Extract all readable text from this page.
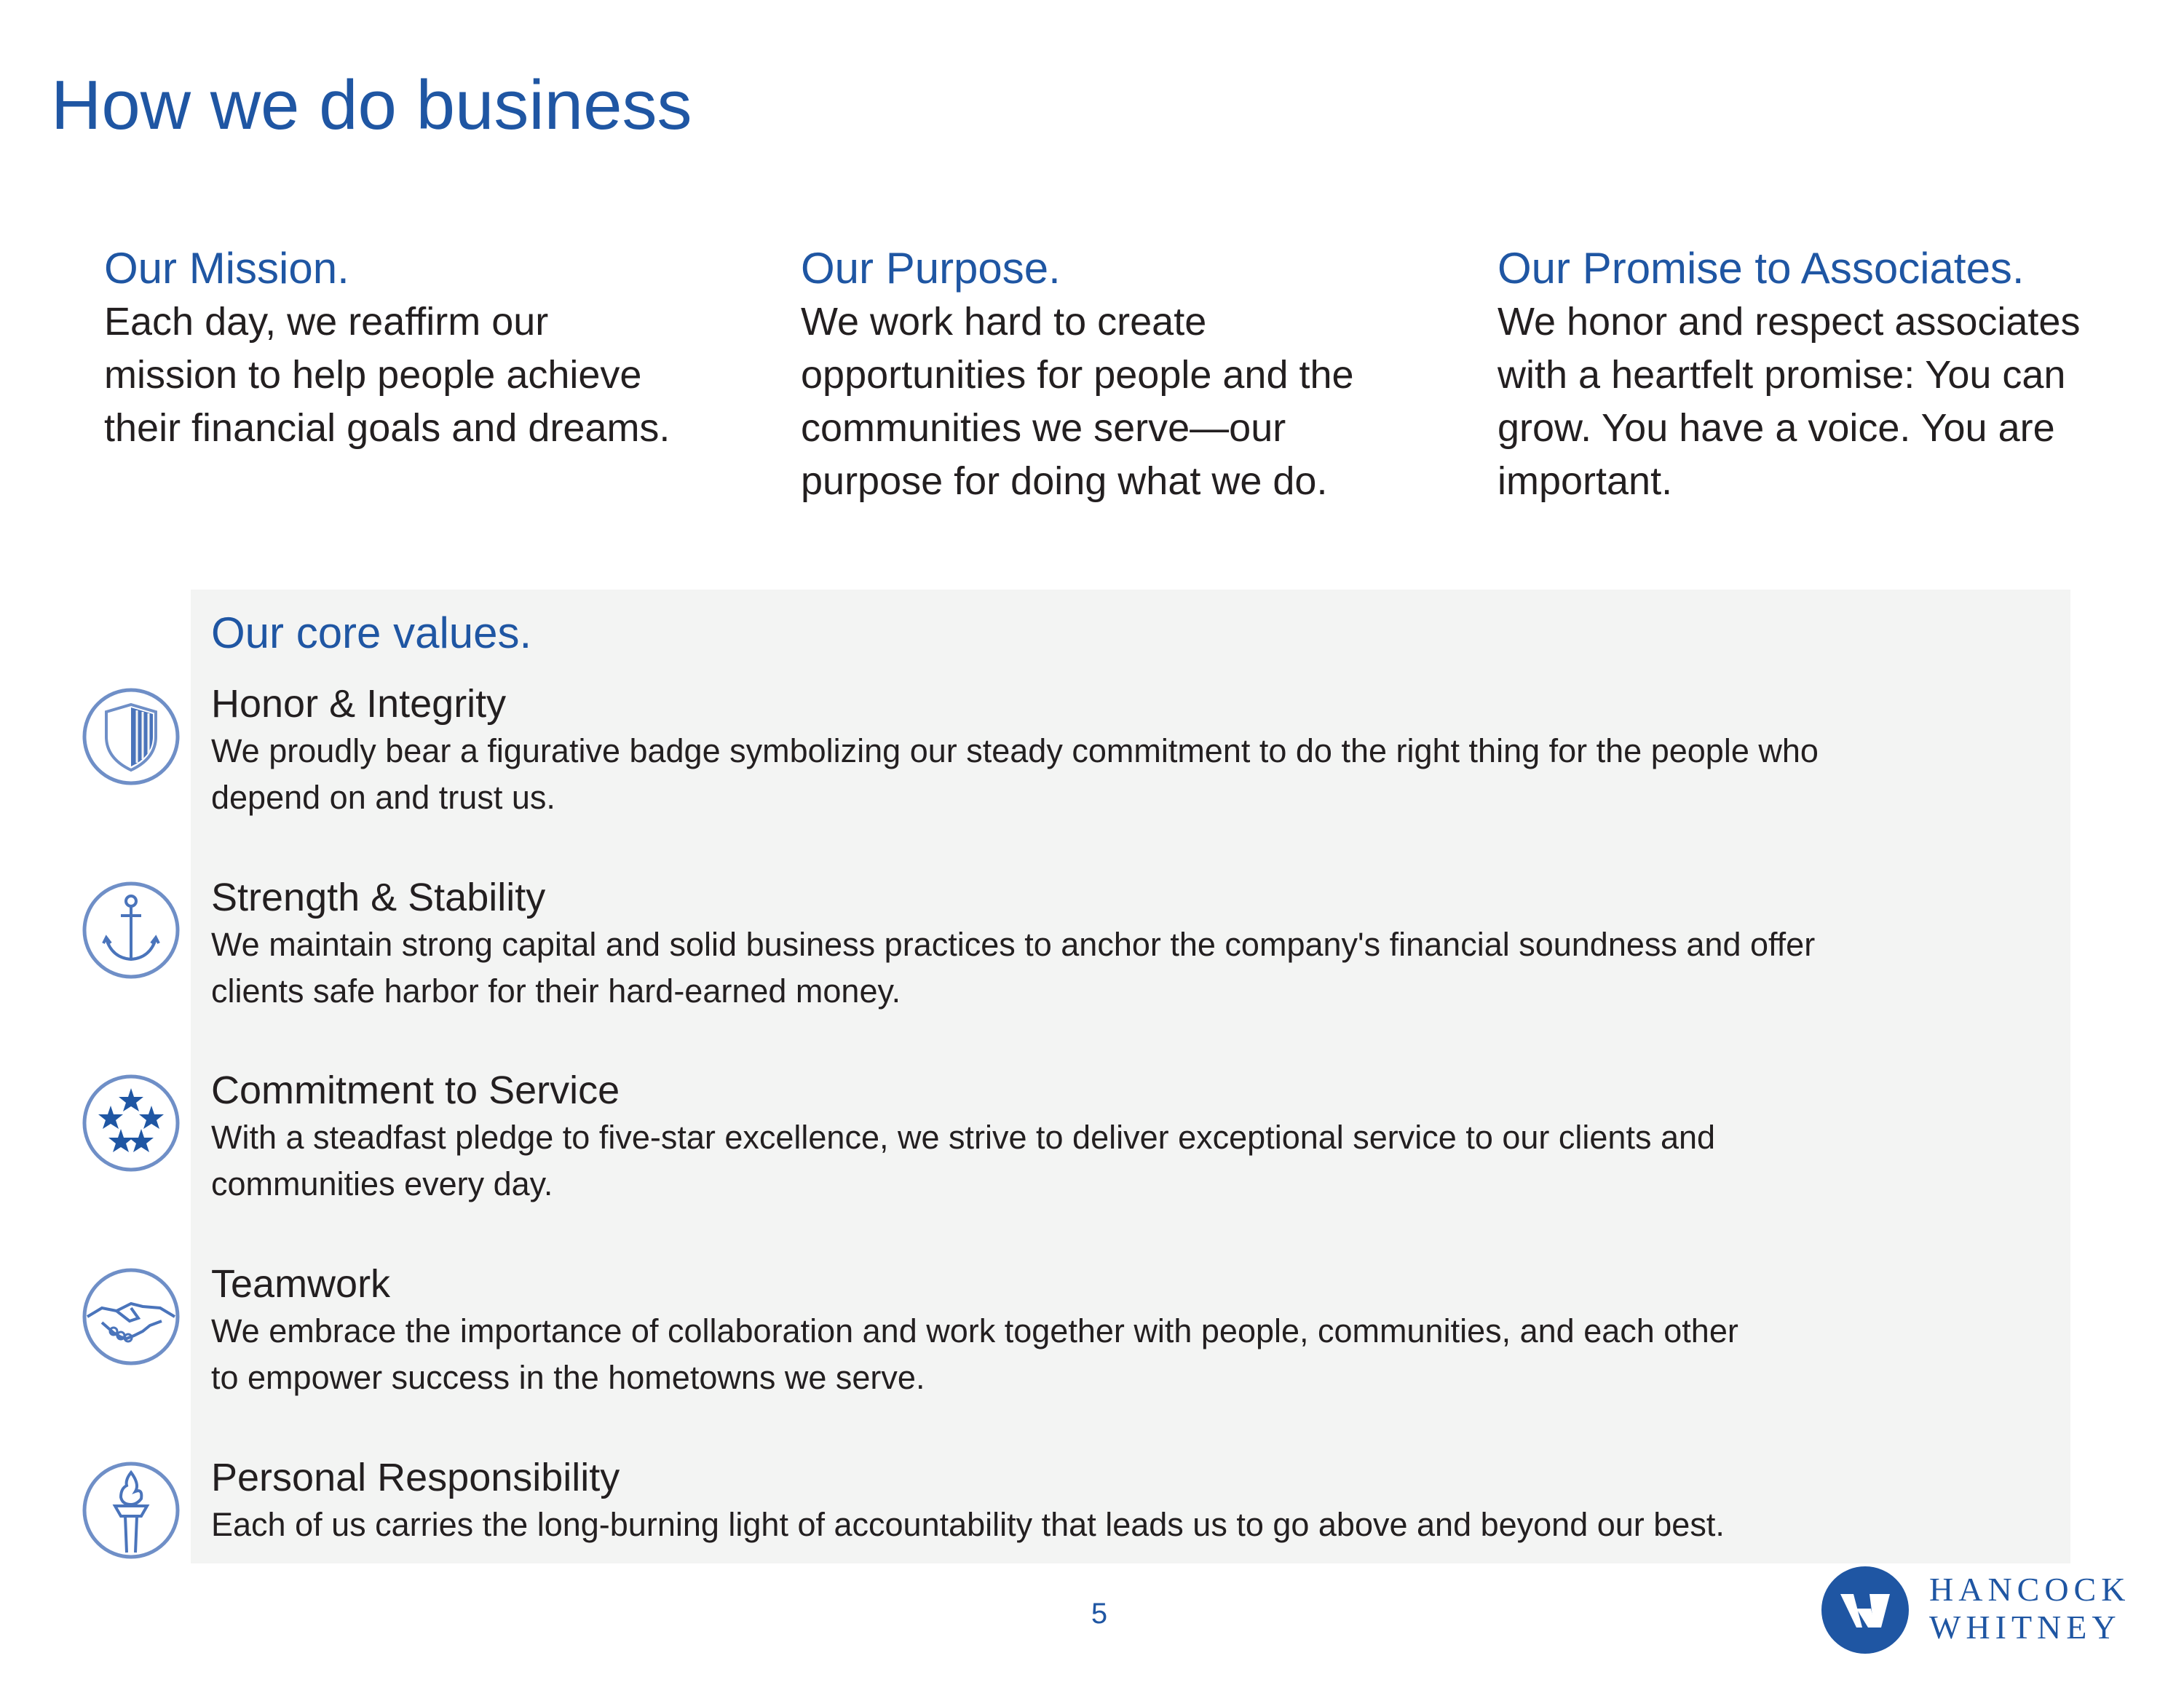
How we do business
Our Mission.

Each day, we reaffirm our
mission to help people achieve
their financial goals and dreams.

Our Purpose.

We work hard to create
opportunities for people and the
communities we serve—our
purpose for doing what we do.

Our Promise to Associates.

We honor and respect associates
with a heartfelt promise: You can
grow. You have a voice. You are
important.

Our core values.
Honor & Integrity

We proudly bear a figurative badge symbolizing our steady commitment to do the right thing for the people who
depend on and trust us.

Strength & Stability

We maintain strong capital and solid business practices to anchor the company's financial soundness and offer
clients safe harbor for their hard-earned money.

Commitment to Service

With a steadfast pledge to five-star excellence, we strive to deliver exceptional service to our clients and
communities every day.

Teamwork

We embrace the importance of collaboration and work together with people, communities, and each other
to empower success in the hometowns we serve.

Personal Responsibility

Each of us carries the long-burning light of accountability that leads us to go above and beyond our best.

5
HANCOCK
WHITNEY
